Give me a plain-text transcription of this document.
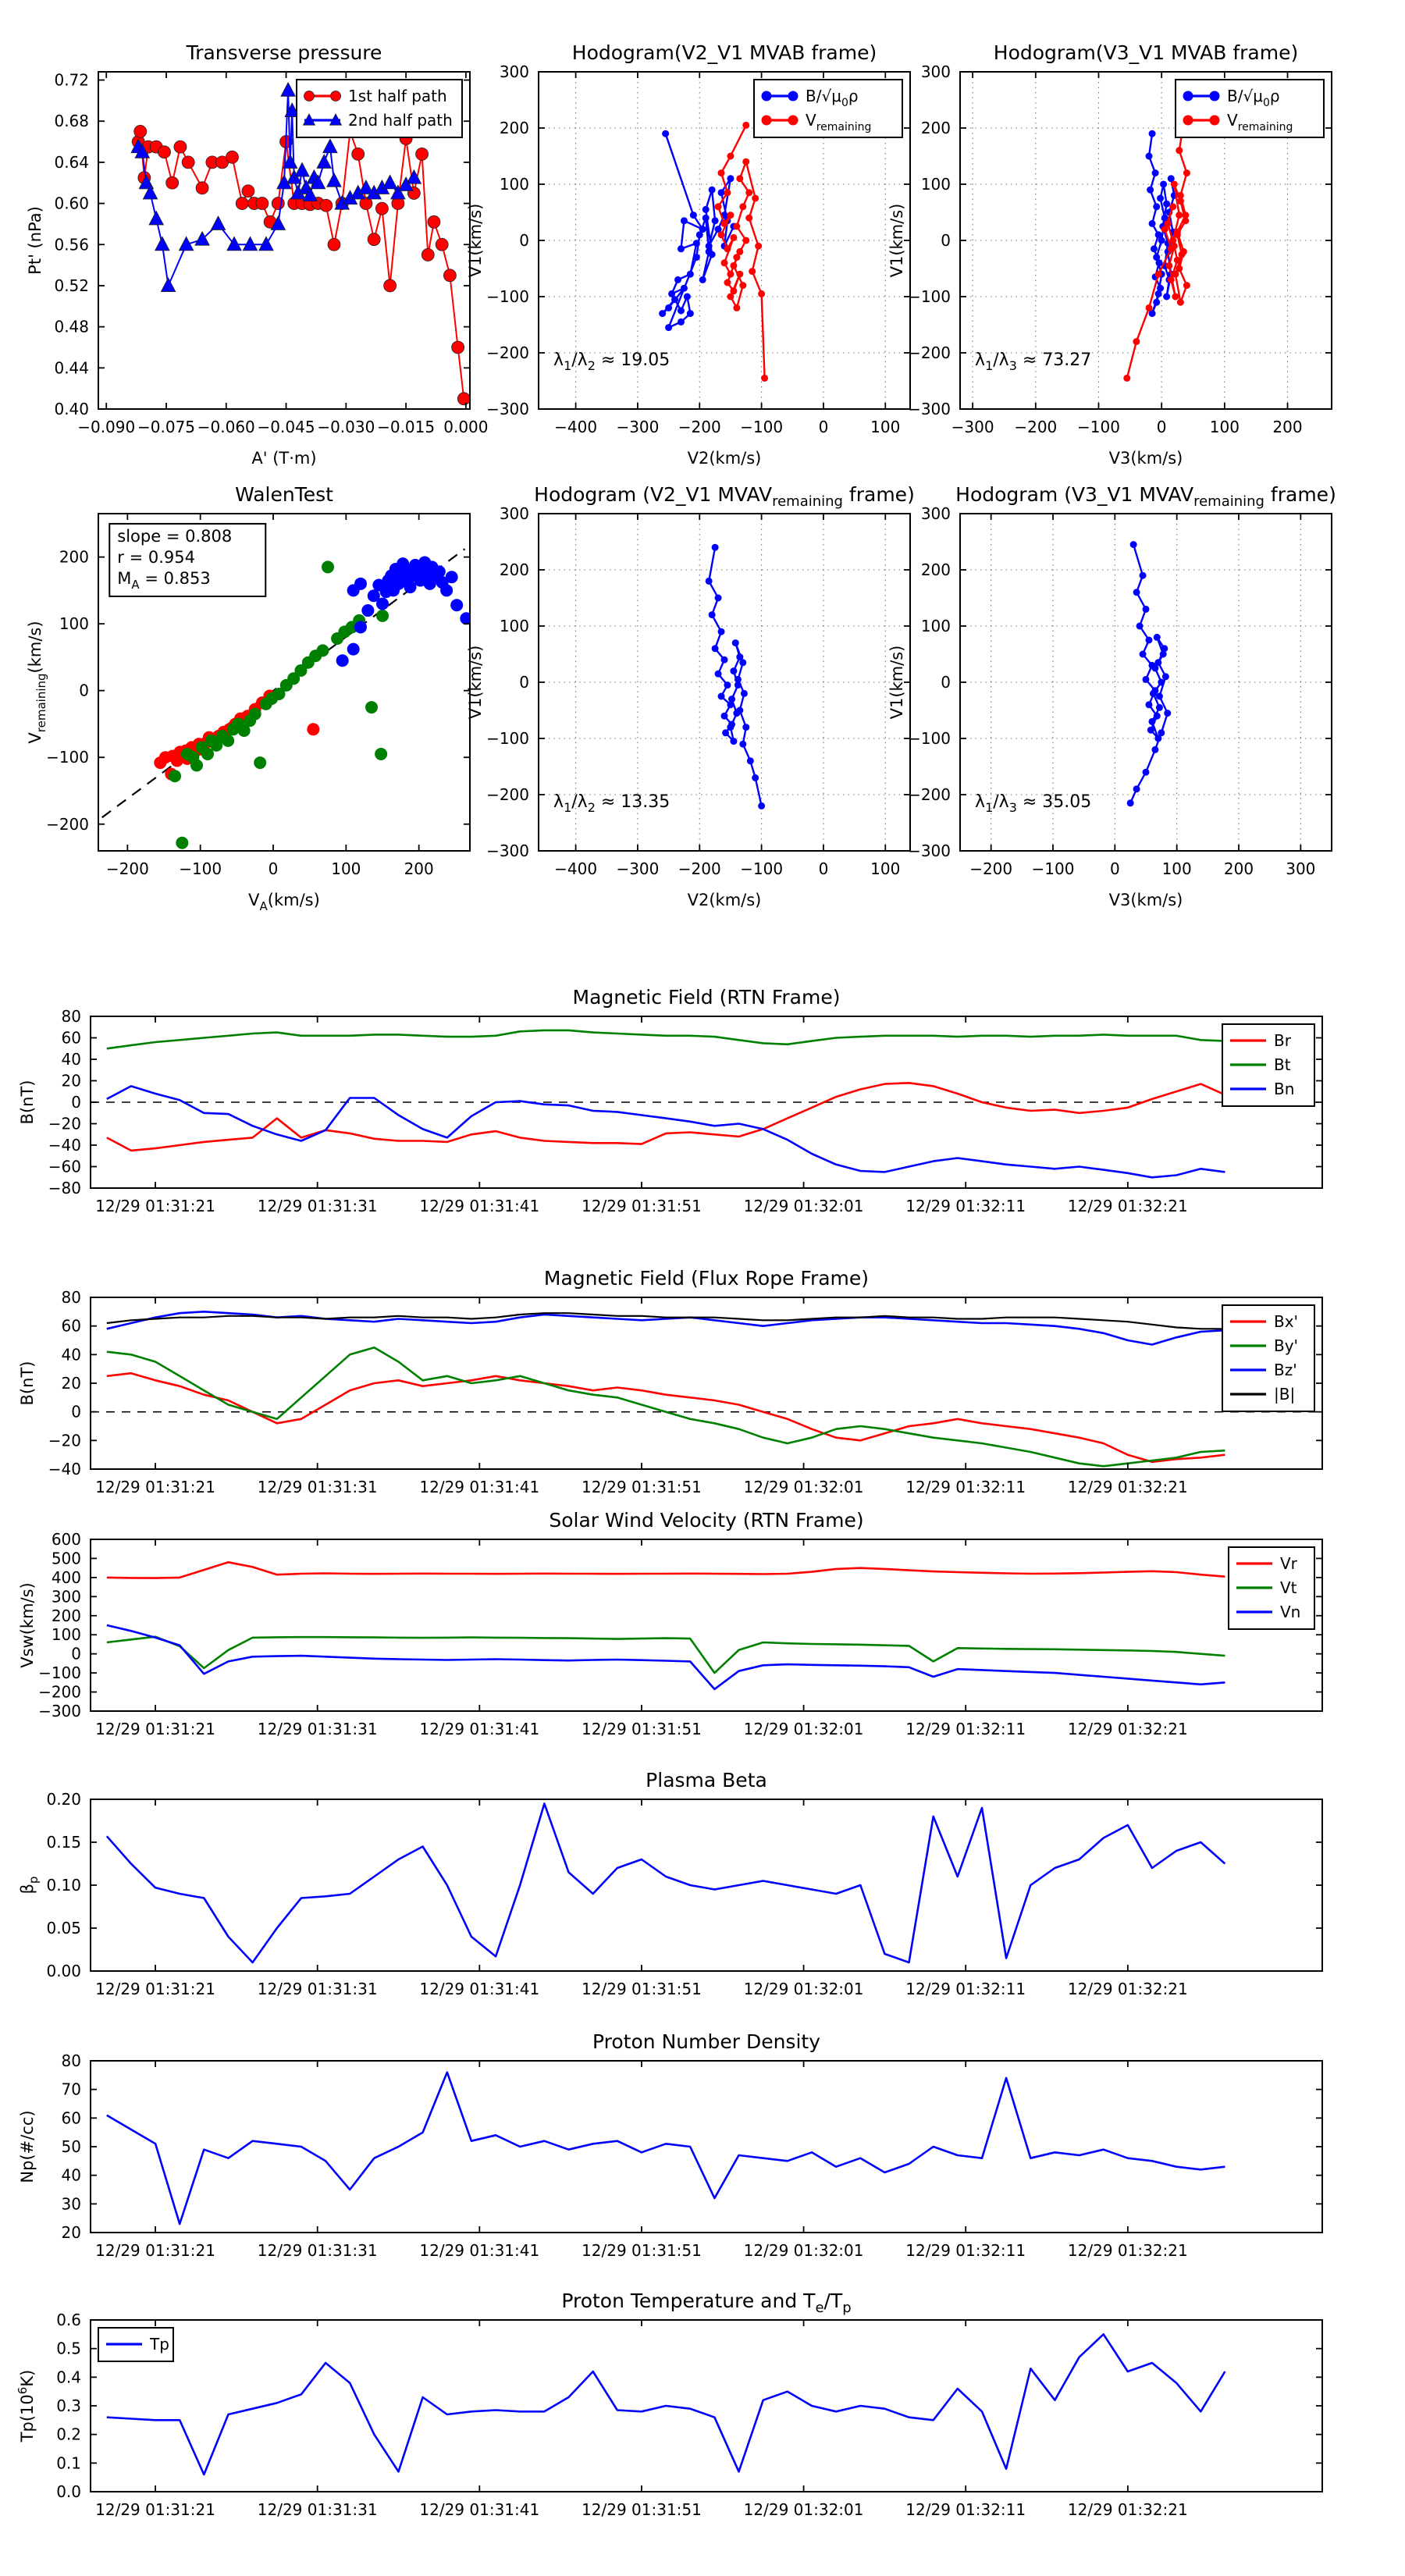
−0.090 −0.075 −0.060 −0.045 −0.030 −0.015 0.000
0.40
0.44
0.48
0.52
0.56
0.60
0.64
0.68
0.72
Transverse pressure
A' (T·m)
Pt' (nPa)
1st half path
2nd half path
−400 −300 −200 −100 0	100
−300
−200
−100
0
100
200
300
Hodogram(V2_V1 MVAB frame)
V2(km/s)
V1(km/s)
$\lambda_1/\lambda_2 \approx 19.05$
$B/√\mu_0\rho$
$V_{remaining}$
−300 −200 −100 0	100 200
−300
−200
−100
0
100
200
300
Hodogram(V3_V1 MVAB frame)
V3(km/s)
V1(km/s)
$\lambda_1/\lambda_3 \approx 73.27$
$B/√\mu_0\rho$
$V_{remaining}$
−200 −100	0	100	200
−200
−100
0
100
200
WalenTest
$V_A(km/s)$
$V_{remaining}(km/s)$
slope = 0.808
r = 0.954
$M_A = 0.853$
−400 −300 −200 −100 0	100
−300
−200
−100
0
100
200
300
Hodogram (V2_V1 $MVAV_{remaining}$ frame)
V2(km/s)
V1(km/s)
$\lambda_1/\lambda_2 \approx 13.35$
−200 −100 0	100 200 300
−300
−200
−100
0
100
200
300
Hodogram (V3_V1 $MVAV_{remaining}$ frame)
V3(km/s)
V1(km/s)
$\lambda_1/\lambda_3 \approx 35.05$
12/29 01:31:21	12/29 01:31:31	12/29 01:31:41	12/29 01:31:51	12/29 01:32:01	12/29 01:32:11	12/29 01:32:21
−80
−60
−40
−20
0
20
40
60
80
Magnetic Field (RTN Frame)
B(nT)
Br
Bt
Bn
12/29 01:31:21	12/29 01:31:31	12/29 01:31:41	12/29 01:31:51	12/29 01:32:01	12/29 01:32:11	12/29 01:32:21
−40
−20
0
20
40
60
80
Magnetic Field (Flux Rope Frame)
B(nT)
Bx'
By'
Bz'
|B|
12/29 01:31:21	12/29 01:31:31	12/29 01:31:41	12/29 01:31:51	12/29 01:32:01	12/29 01:32:11	12/29 01:32:21
−300
−200
−100
0
100
200
300
400
500
600
Solar Wind Velocity (RTN Frame)
Vsw(km/s)
Vr
Vt
Vn
12/29 01:31:21	12/29 01:31:31	12/29 01:31:41	12/29 01:31:51	12/29 01:32:01	12/29 01:32:11	12/29 01:32:21
0.00
0.05
0.10
0.15
0.20
Plasma Beta
$\beta_p$
12/29 01:31:21	12/29 01:31:31	12/29 01:31:41	12/29 01:31:51	12/29 01:32:01	12/29 01:32:11	12/29 01:32:21
20
30
40
50
60
70
80
Proton Number Density
Np(#/cc)
12/29 01:31:21	12/29 01:31:31	12/29 01:31:41	12/29 01:31:51	12/29 01:32:01	12/29 01:32:11	12/29 01:32:21
0.0
0.1
0.2
0.3
0.4
0.5
0.6
Proton Temperature and $T_e/T_p$
$Tp(10^6K)$
Tp
